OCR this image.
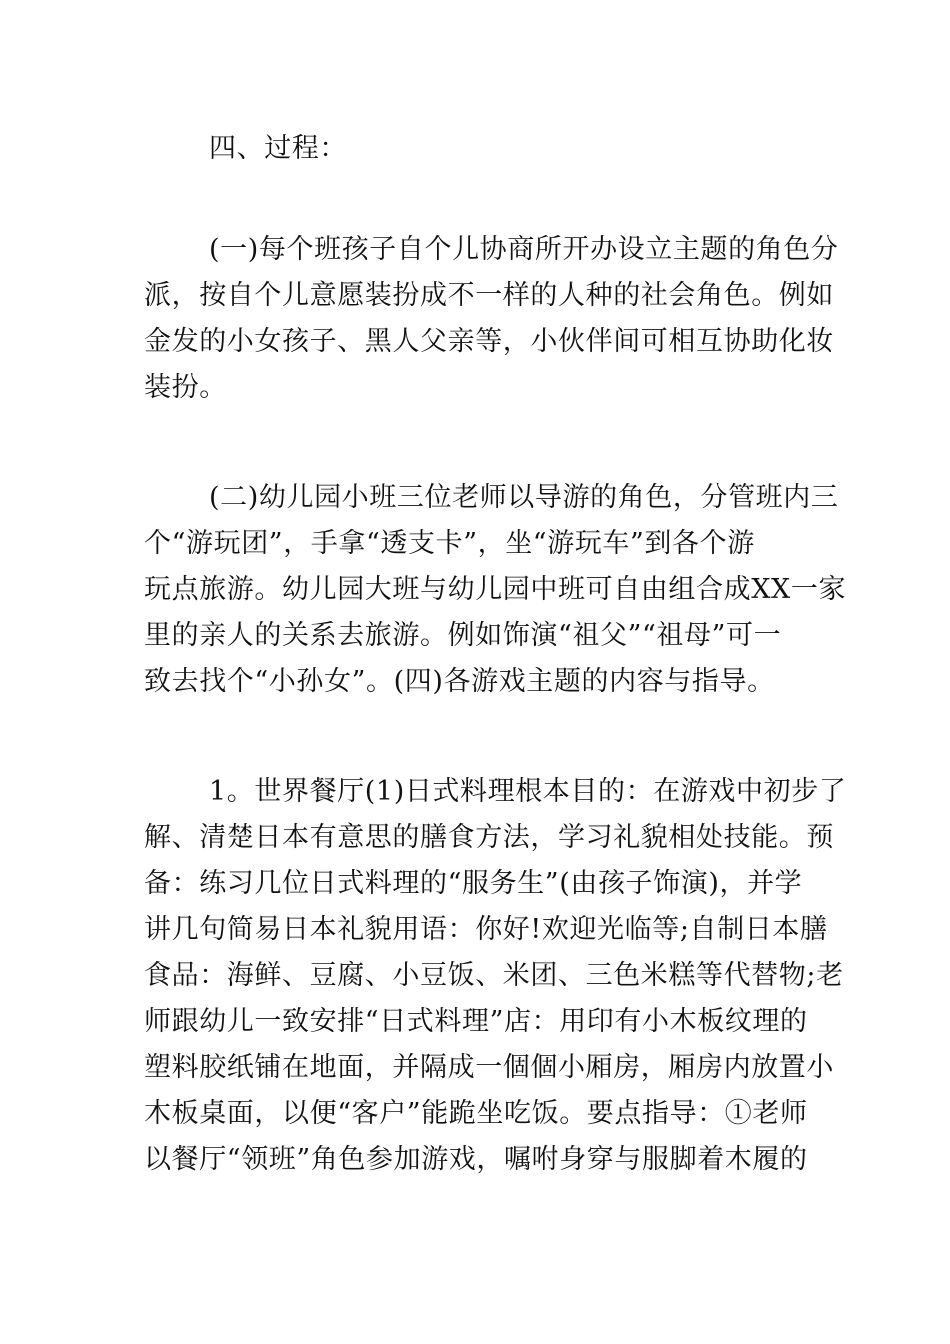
四、过程：
(一)每个班孩子自个儿协商所开办设立主题的角色分
派，按自个儿意愿装扮成不一样的人种的社会角色。例如
金发的小女孩子、黑人父亲等，小伙伴间可相互协助化妆
装扮。
(二)幼儿园小班三位老师以导游的角色，分管班内三
个“游玩团”，手拿“透支卡”，坐“游玩车”到各个游
玩点旅游。幼儿园大班与幼儿园中班可自由组合成XX一家
里的亲人的关系去旅游。例如饰演“祖父”“祖母”可一
致去找个“小孙女”。(四)各游戏主题的内容与指导。
1。世界餐厅(1)日式料理根本目的：在游戏中初步了
解、清楚日本有意思的膳食方法，学习礼貌相处技能。预
备：练习几位日式料理的“服务生”(由孩子饰演)，并学
讲几句简易日本礼貌用语：你好!欢迎光临等;自制日本膳
食品：海鲜、豆腐、小豆饭、米团、三色米糕等代替物;老
师跟幼儿一致安排“日式料理”店：用印有小木板纹理的
塑料胶纸铺在地面，并隔成一個個小厢房，厢房内放置小
木板桌面，以便“客户”能跪坐吃饭。要点指导：①老师
以餐厅“领班”角色参加游戏，嘱咐身穿与服脚着木履的
